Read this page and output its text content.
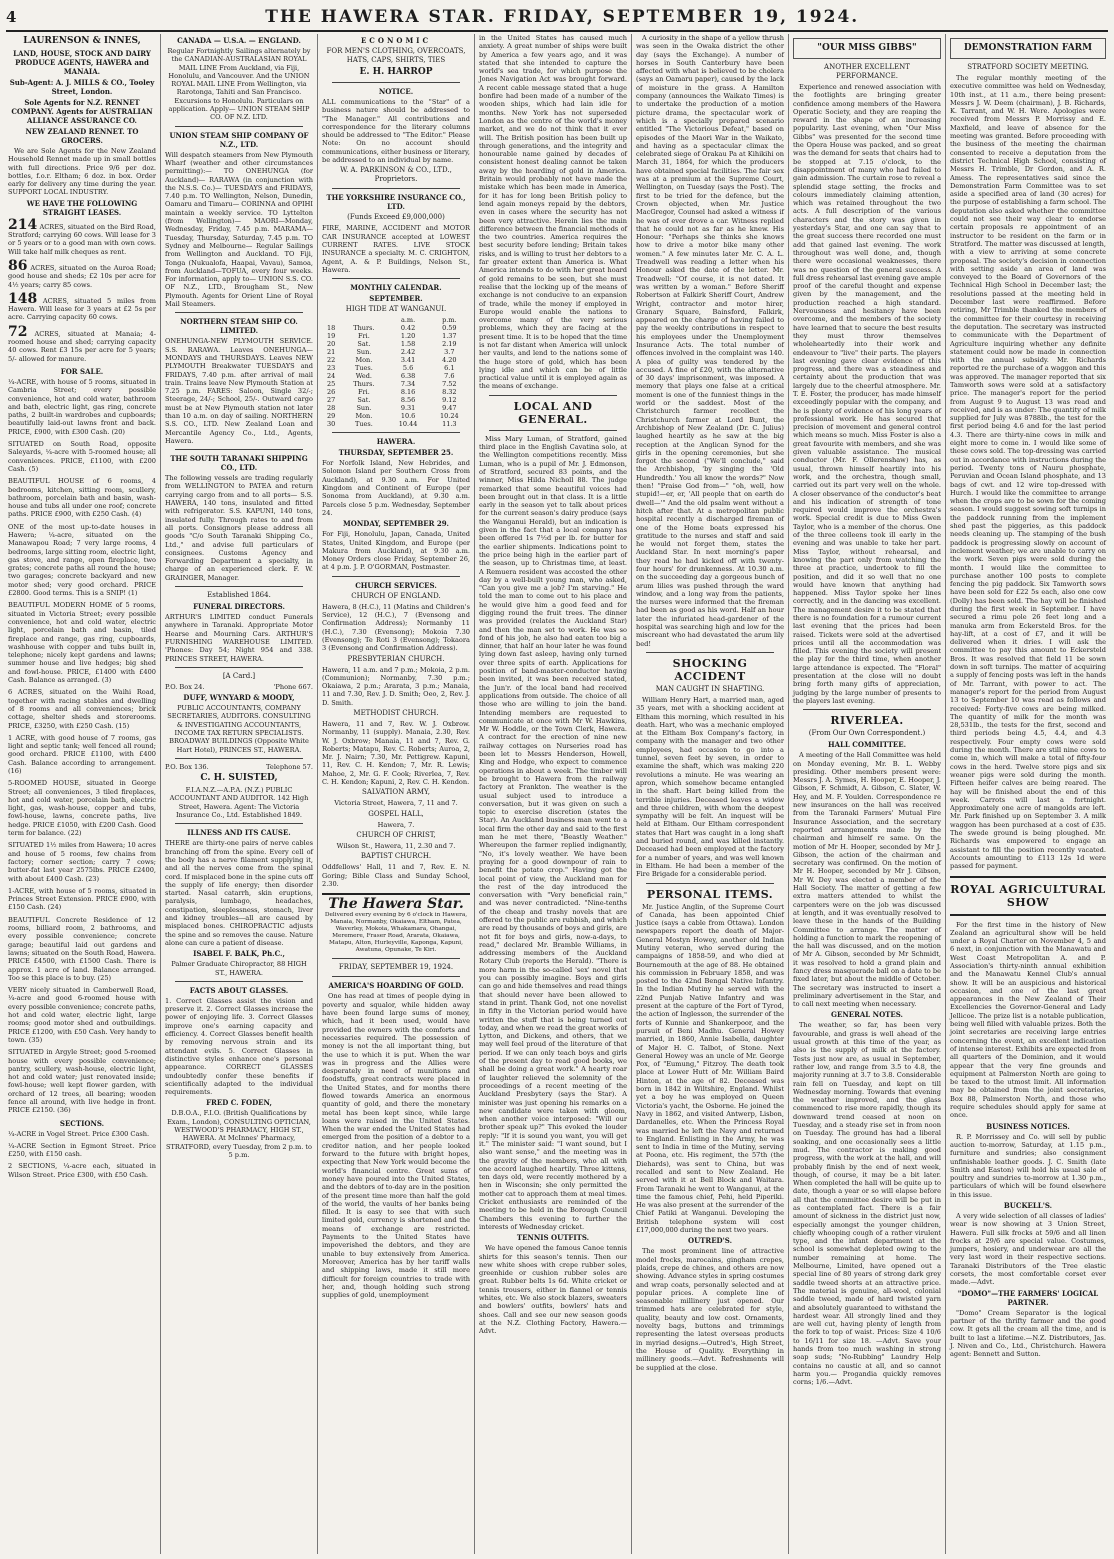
4	THE HAWERA STAR. FRIDAY, SEPTEMBER 19, 1924.
LAURENSON & INNES,
LAND, HOUSE, STOCK AND DAIRY PRODUCE AGENTS, HAWERA and MANAIA.
Sub-Agent: A. J. MILLS & CO., Tooley Street, London.
Sole Agents for N.Z. RENNET COMPANY. Agents for AUSTRALIAN ALLIANCE ASSURANCE CO.
NEW ZEALAND RENNET. TO GROCERS.

We are Sole Agents for the New Zealand Household Rennet made up in small bottles with full directions. Price 9/6 per doz. bottles, f.o.r. Eltham; 6 doz. in box. Order early for delivery any time during the year. SUPPORT LOCAL INDUSTRY.

WE HAVE THE FOLLOWING STRAIGHT LEASES.
214 ACRES, situated on the Bird Road, Stratford; carrying 60 cows. Will lease for 3 or 5 years or to a good man with own cows. Will take half milk cheques as rent.
86 ACRES, situated on the Auroa Road; good house and sheds; £2 10s per acre for 4½ years; carry 85 cows.
148 ACRES, situated 5 miles from Hawera. Will lease for 3 years at £2 5s per acre. Carrying capacity 60 cows.
72 ACRES, situated at Manaia; 4-roomed house and shed; carrying capacity 40 cows. Rent £3 15s per acre for 5 years; 5/- allowed for manure.
FOR SALE.

¼-ACRE, with house of 5 rooms, situated in Cambria Street; every possible convenience, hot and cold water, bathroom and bath, electric light, gas ring, concrete paths, 2 built-in wardrobes and cupboards; beautifully laid-out lawns front and back. PRICE, £900, with £300 Cash. (20)

SITUATED on South Road, opposite Saleyards, ¼-acre with 5-roomed house; all conveniences. PRICE, £1100, with £200 Cash. (5)

BEAUTIFUL HOUSE of 6 rooms, 4 bedrooms, kitchen, sitting room, scullery, bathroom, porcelain bath and basin, wash-house and tubs all under one roof; concrete paths. PRICE £900, with £250 Cash. (4)

ONE of the most up-to-date houses in Hawera; ¼-acre, situated on the Manawapou Road; 7 very large rooms, 4 bedrooms, large sitting room, electric light, gas stove, and range, open fireplace, two grates; concrete paths all round the house; two garages; concrete backyard and new motor shed; very good orchard. PRICE £2800. Good terms. This is a SNIP! (1)

BEAUTIFUL MODERN HOME of 5 rooms, situated in Victoria Street; every possible convenience, hot and cold water, electric light, porcelain bath and basin, tiled fireplace and range, gas ring, cupboards, washhouse with copper and tubs built in, telephone; nicely kept gardens and lawns; summer house and live hedges; big shed and fowl-house. PRICE, £1400 with £400 Cash. Balance as arranged. (3)

6 ACRES, situated on the Waihi Road, together with racing stables and dwelling of 8 rooms and all conveniences; brick cottage, shelter sheds and storerooms. PRICE, £3250, with £250 Cash. (15)

1 ACRE, with good house of 7 rooms, gas light and septic tank; well fenced all round; good orchard. PRICE £1100, with £400 Cash. Balance according to arrangement. (16)

5-ROOMED HOUSE, situated in George Street; all conveniences, 3 tiled fireplaces, hot and cold water, porcelain bath, electric light, gas, wash-house, copper and tubs, fowl-house, lawns, concrete paths, live hedge. PRICE £1050, with £200 Cash. Good term for balance. (22)

SITUATED 1½ miles from Hawera; 10 acres and house of 5 rooms, few chains from factory; corner section; carry 7 cows; butter-fat last year 2575lbs. PRICE £2400, with about £400 Cash. (23)

1-ACRE, with house of 5 rooms, situated in Princes Street Extension. PRICE £900, with £150 Cash. (24)

BEAUTIFUL Concrete Residence of 12 rooms, billiard room, 2 bathrooms, and every possible convenience; concrete garage; beautiful laid out gardens and lawns; situated on the South Road, Hawera. PRICE £4500, with £1500 Cash. There is approx. 1 acre of land. Balance arranged. Too se this place is to buy. (25)

VERY nicely situated in Camberwell Road, ¼-acre and good 6-roomed house with every possible convenience; concrete paths, hot and cold water, electric light, large rooms; good motor shed and outbuildings. PRICE £1200, with £50 Cash. Very handy to town. (35)

SITUATED in Argyle Street; good 5-roomed house with every possible convenience; pantry, scullery, wash-house, electric light, hot and cold water; just renovated inside; fowl-house; well kept flower garden, with orchard of 12 trees, all bearing; wooden fence all around, with live hedge in front. PRICE £2150. (36)

SECTIONS.

¼-ACRE in Vogel Street. Price £300 Cash.

¼-ACRE Section in Egmont Street. Price £250, with £150 cash.

2 SECTIONS, ¼-acre each, situated in Wilson Street. Price £300, with £50 Cash.

CANADA — U.S.A. — ENGLAND.

Regular Fortnightly Sailings alternately by the CANADIAN-AUSTRALASIAN ROYAL MAIL LINE From Auckland, via Fiji, Honolulu, and Vancouver. And the UNION ROYAL MAIL LINE From Wellington, via Rarotonga, Tahiti and San Francisco. Excursions to Honolulu. Particulars on application. Apply— UNION STEAM SHIP CO. OF N.Z. LTD.

UNION STEAM SHIP COMPANY OF N.Z., LTD.

Will despatch steamers from New Plymouth Wharf (weather and other circumstances permitting):— TO ONEHUNGA (for Auckland)— RARAWA (in conjunction with the N.S.S. Co.)— TUESDAYS and FRIDAYS, 7.40 p.m. TO Wellington, Nelson, Dunedin, Oamaru and Timaru— CORINNA and OPIHI maintain a weekly service. TO Lyttelton (from Wellington)— MAORI—Monday, Wednesday, Friday, 7.45 p.m. MARAMA—Tuesday, Thursday, Saturday, 7.45 p.m. TO Sydney and Melbourne— Regular Sailings from Wellington and Auckland. TO Fiji, Tonga (Nukualofa, Haapai, Vavau), Samoa, from Auckland—TOFUA, every four weeks. For information, apply to— UNION S.S. CO. OF N.Z., LTD., Brougham St., New Plymouth. Agents for Orient Line of Royal Mail Steamers.

NORTHERN STEAM SHIP CO. LIMITED.

ONEHUNGA-NEW PLYMOUTH SERVICE. S.S. RARAWA. Leaves ONEHUNGA— MONDAYS and THURSDAYS. Leaves NEW PLYMOUTH Breakwater TUESDAYS and FRIDAYS, 7.40 p.m. after arrival of mail train. Trains leave New Plymouth Station at 7.25 p.m. FARES: Saloon, Single 32/-; Steerage, 24/-; School, 25/-. Outward cargo must be at New Plymouth station not later than 10 a.m. on day of sailing. NORTHERN S.S. CO., LTD. New Zealand Loan and Mercantile Agency Co., Ltd., Agents, Hawera.

THE SOUTH TARANAKI SHIPPING CO., LTD.

The following vessels are trading regularly from WELLINGTON to PATEA and return carrying cargo from and to all ports— S.S. HAWERA, 140 tons, insulated and fitted with refrigerator. S.S. KAPUNI, 140 tons, insulated fully. Through rates to and from all ports. Consignors please address all goods "C/o South Taranaki Shipping Co., Ltd.," and advise full particulars of consignees. Customs Agency and Forwarding Department a specialty, in charge of an experienced clerk. F. W. GRAINGER, Manager.

Established 1864.
FUNERAL DIRECTORS.

ARTHUR'S LIMITED conduct Funerals anywhere in Taranaki. Appropriate Motor Hearse and Mourning Cars. ARTHUR'S FURNISHING WAREHOUSE LIMITED. 'Phones: Day 54; Night 954 and 338. PRINCES STREET, HAWERA.

[A Card.]
P.O. Box 24.	'Phone 667.
DUFF, WYNYARD & MOODY,

PUBLIC ACCOUNTANTS, COMPANY SECRETARIES, AUDITORS. CONSULTING & INVESTIGATING ACCOUNTANTS, INCOME TAX RETURN SPECIALISTS. BROADWAY BUILDINGS (Opposite White Hart Hotel), PRINCES ST., HAWERA.

P.O. Box 136.	Telephone 57.
C. H. SUISTED,

F.I.A.N.Z.—A.P.A. (N.Z.) PUBLIC ACCOUNTANT AND AUDITOR. 142 High Street, Hawera. Agent: The Victoria Insurance Co., Ltd. Established 1849.

ILLNESS AND ITS CAUSE.

THERE are thirty-one pairs of nerve cables branching off from the spine. Every cell of the body has a nerve filament supplying it, and all the nerves come from the spinal cord. If misplaced bone in the spine cuts off the supply of life energy; then disorder started. Nasal catarrh, skin eruptions, paralysis, lumbago, headaches, constipation, sleeplessness, stomach, liver and kidney troubles—all are caused by misplaced bones. CHIROPRACTIC adjusts the spine and so removes the cause. Nature alone can cure a patient of disease.

ISABEL F. BALK, Ph.C.,

Palmer Graduate Chiropractor, 88 HIGH ST., HAWERA.

FACTS ABOUT GLASSES.

1. Correct Glasses assist the vision and preserve it. 2. Correct Glasses increase the power of enjoying life. 3. Correct Glasses improve one's earning capacity and efficiency. 4. Correct Glasses benefit health by removing nervous strain and its attendant evils. 5. Correct Glasses in distinctive styles enhance one's personal appearance. CORRECT GLASSES undoubtedly confer these benefits if scientifically adapted to the individual requirements.

FRED C. FODEN,

D.B.O.A., F.I.O. (British Qualifications by Exam., London), CONSULTING OPTICIAN, WESTWOOD'S PHARMACY, HIGH ST., HAWERA. At McInnes' Pharmacy, STRATFORD, every Tuesday, from 2 p.m. to 5 p.m.

ECONOMIC
FOR MEN'S CLOTHING, OVERCOATS, HATS, CAPS, SHIRTS, TIES
E. H. HARROP
NOTICE.

ALL communications to the "Star" of a business nature should be addressed to "The Manager." All contributions and correspondence for the literary columns should be addressed to "The Editor." Please Note: On no account should communications, either business or literary, be addressed to an individual by name.

W. A. PARKINSON & CO., LTD., Proprietors.
THE YORKSHIRE INSURANCE CO., LTD.
(Funds Exceed £9,000,000)

FIRE, MARINE, ACCIDENT and MOTOR CAR INSURANCE accepted at LOWEST CURRENT RATES. LIVE STOCK INSURANCE a specialty. M. C. CRIGHTON, Agent, A. & P. Buildings, Nelson St., Hawera.

MONTHLY CALENDAR.
SEPTEMBER.
HIGH TIDE AT WANGANUI.
		a.m.	p.m.
18	Thurs.	0.42	0.59
19	Fri.	1.20	1.37
20	Sat.	1.58	2.19
21	Sun.	2.42	3.7
22	Mon.	3.41	4.20
23	Tues.	5.6	6.1
24	Wed.	6.38	7.6
25	Thurs.	7.34	7.52
26	Fri.	8.16	8.32
27	Sat.	8.56	9.12
28	Sun.	9.31	9.47
29	Mon.	10.6	10.24
30	Tues.	10.44	11.3
HAWERA.
THURSDAY, SEPTEMBER 25.

For Norfolk Island, New Hebrides, and Solomon Island per Southern Cross from Auckland), at 9.30 a.m. For United Kingdom and Continent of Europe (per Sonoma from Auckland), at 9.30 a.m. Parcels close 5 p.m. Wednesday, September 24.

MONDAY, SEPTEMBER 29.

For Fiji, Honolulu, Japan, Canada, United States, United Kingdom, and Europe (per Makura from Auckland), at 9.30 a.m. Money Orders close Friday, September 26, at 4 p.m. J. P. O'GORMAN, Postmaster.

CHURCH SERVICES.
CHURCH OF ENGLAND.

Hawera, 8 (H.C.), 11 (Matins and Children's Service), 12 (H.C.), 7 (Evensong and Confirmation Address); Normanby 11 (H.C.), 7.30 (Evensong); Mokoia 7.30 (Evensong); Te Roti 3 (Evensong); Tokaora 3 (Evensong and Confirmation Address).

PRESBYTERIAN CHURCH.

Hawera, 11 a.m. and 7 p.m.; Mokoia, 2 p.m. (Communion); Normanby, 7.30 p.m.; Okaiawa, 2 p.m.; Ararata, 3 p.m.; Manaia, 11 and 7.30, Rev. J. D. Smith; Oeo, 2, Rev. J. D. Smith.

METHODIST CHURCH.

Hawera, 11 and 7, Rev. W. J. Oxbrow. Normanby, 11 (supply). Manaia, 2.30, Rev. W. J. Oxbrow; Manaia, 11 and 7, Rev. G. Roberts; Matapu, Rev. C. Roberts; Auroa, 2, Mr. J. Nairn; 7.30, Mr. Pettigrew. Kapuni, 11, Rev. C. H. Kendon; 7, Mr. R. Lewis; Mahoe, 2, Mr. G. F. Cook; Riverlea, 7, Rev. C. H. Kendon; Kapuni, 2, Rev. C. H. Kendon.

SALVATION ARMY,

Victoria Street, Hawera, 7, 11 and 7.

GOSPEL HALL,

Hawera, 7.

CHURCH OF CHRIST,

Wilson St., Hawera, 11, 2.30 and 7.

BAPTIST CHURCH.

Oddfellows' Hall, 11 and 7, Rev. E. N. Goring; Bible Class and Sunday School, 2.30.

The Hawera Star.

Delivered every evening by 6 o'clock in Hawera, Manaia, Normanby, Okaiawa, Eltham, Patea, Waverley, Mokoia, Whakamara, Ohangai, Meremere, Fraser Road, Ararata, Okaiawa, Matapu, Alton, Hurleyville, Kaponga, Kapuni, Awatuna, Opunake, Te Kiri.

FRIDAY, SEPTEMBER 19, 1924.
AMERICA'S HOARDING OF GOLD.

One has read at times of people dying in poverty and squalor, while hidden away have been found large sums of money, which, had it been used, would have provided the owners with the comforts and necessaries required. The possession of money is not the all important thing, but the use to which it is put. When the war was in progress and the Allies were desperately in need of munitions and foodstuffs, great contracts were placed in the United States, and for months there flowed towards America an enormous quantity of gold, and there the monetary metal has been kept since, while large loans were raised in the United States. When the war ended the United States had emerged from the position of a debtor to a creditor nation, and her people looked forward to the future with bright hopes, expecting that New York would become the world's financial centre. Great sums of money have poured into the United States, and the debtors of to-day are in the position of the present time more than half the gold of the world, the vaults of her banks being filled. It is easy to see that with such limited gold, currency is shortened and the means of exchange are restricted. Payments to the United States have impoverished the debtors, and they are unable to buy extensively from America. Moreover, America has by her tariff walls and shipping laws, made it still more difficult for foreign countries to trade with her, and, though holding such strong supplies of gold, unemployment

in the United States has caused much anxiety. A great number of ships were built by America a few years ago, and it was stated that she intended to capture the world's sea trade, for which purpose the Jones Navigation Act was brought forward. A recent cable message stated that a huge bonfire had been made of a number of the wooden ships, which had lain idle for months. New York has not superseded London as the centre of the world's money market, and we do not think that it ever will. The British position has been built up through generations, and the integrity and honourable name gained by decades of consistent honest dealing cannot be taken away by the hoarding of gold in America. Britain would probably not have made the mistake which has been made in America, for it has for long been British policy to lend again moneys repaid by the debtors, even in cases where the security has not been very attractive. Herein lies the main difference between the financial methods of the two countries. America requires the best security before lending; Britain takes risks, and is willing to trust her debtors to a far greater extent than America is. What America intends to do with her great hoard of gold remains to be seen, but she must realise that the locking up of the means of exchange is not conducive to an expansion of trade, while the money if employed in Europe would enable the nations to overcome many of the very serious problems, which they are facing at the present time. It is to be hoped that the time is not far distant when America will unlock her vaults, and lend to the nations some of the huge store of gold, which has been lying idle and which can be of little practical value until it is employed again as the means of exchange.

LOCAL AND GENERAL.

Miss Mary Luman, of Stratford, gained third place in the English Cavatina solo, at the Wellington competitions recently. Miss Luman, who is a pupil of Mr. J. Edmonson, of Stratford, secured 83 points, and the winner, Miss Hilda Nicholl 88. The judge remarked that some beautiful voices had been brought out in that class. It is a little early in the season yet to talk about prices for the current season's dairy produce (says the Wanganui Herald), but an indication is given in the fact that a local company has been offered 1s 7½d per lb. for butter for the earlier shipments. Indications point to the price being high in the earlier part of the season, up to Christmas time, at least. A Remuera resident was accosted the other day by a well-built young man, who asked, "Can you give me a job? I'm starving." He told the man to come out to his place and he would give him a good feed and for digging round the fruit trees. The dinner was provided (relates the Auckland Star) and then the man set to work. He was so fond of his job, he also had eaten too big a dinner, that half an hour later he was found lying down fast asleep, having only turned over three spits of earth. Applications for position of band-master-conductor having been invited, it was been received stated, the Jun'r. of the local band had received applications from outside. The choice of all those who are willing to join the band. Intending members are requested to communicate at once with Mr W. Hawkins, Mr W. Hoddle, or the Town Clerk, Hawera. A contract for the erection of nine new railway cottages on Nurseries road has been let to Messrs Henderson, Howell, King and Hodge, who expect to commence operations in about a week. The timber will be brought to Hawera from the railway factory at Frankton. The weather is the usual subject used to introduce a conversation, but it was given on such a topic to exercise discretion (states the Star). An Auckland business man went to a local firm the other day and said to the first man he met there, "Beastly Weather." Whereupon the farmer replied indignantly, "No, it's lovely weather. We have been praying for a good downpour of rain to benefit the potato crop." Having got the local point of view, the Auckland man for the rest of the day introduced the conversation with "Very beneficial rain," and was never contradicted. "Nine-tenths of the cheap and trashy novels that are offered to the public are rubbish, and which are read by thousands of boys and girls, are not fit for boys and girls, now-a-days, to read," declared Mr. Bramble Williams, in addressing members of the Auckland Rotary Club (reports the Herald). "There is more harm in the so-called 'sex' novel that you can possibly imagine. Boys and girls can go and hide themselves and read things that should never have been allowed to stand in print. Thank God, not one novelist in fifty in the Victorian period would have written the stuff that is being turned out today, and when we read the great works of Lytton, and Dickens, and others, that we may well feel proud of the literature of that period. If we can only teach boys and girls of the present day to read good books, we shall be doing a great work." A hearty roar of laughter relieved the solemnity of the proceedings of a recent meeting of the Auckland Presbytery (says the Star). A minister was just opening his remarks on a new candidate were taken with gloom, when another voice interposed: "Will our brother speak up?" This evoked the louder reply: "If it is sound you want, you will get it." The minister said: "I want sound, but I also want sense," and the meeting was in the gravity of the members, who all with one accord laughed heartily. Three kittens, ten days old, were recently mothered by a hen in Wisconsin; she only permitted the mother cat to approach them at meal times. Cricket enthusiasts are reminded of the meeting to be held in the Borough Council Chambers this evening to further the interests of Wednesday cricket.

TENNIS OUTFITS.

We have opened the famous Canoe tennis shirts for this season's tennis. Then our new white shoes with crepe rubber soles, greenhide or cushion rubber soles are great. Rubber belts 1s 6d. White cricket or tennis trousers, either in flannel or tennis whites, etc. We also stock blazers, sweaters and bowlers' outfits, bowlers' hats and shoes. Call and see our new season goods at the N.Z. Clothing Factory, Hawera.—Advt.

A curiosity in the shape of a yellow thrush was seen in the Owaka district the other day (says the Exchange). A number of horses in South Canterbury have been affected with what is believed to be cholera (says an Oamaru paper), caused by the lack of moisture in the grass. A Hamilton company (announces the Waikato Times) is to undertake the production of a motion picture drama, the spectacular work of which is a specially prepared scenario entitled "The Victorious Defeat," based on episodes of the Maori War in the Waikato, and having as a spectacular climax the celebrated siege of Orakau Pa at Kihikihi on March 31, 1864, for which the producers have obtained special facilities. The fair sex was at a premium at the Supreme Court, Wellington, on Tuesday (says the Post). The first to be tried for the defence, but the Crown objected, when Mr. Justice MacGregor, Counsel had asked a witness if he was of ever drove a car. Witness replied that he could not as far as he knew. His Honour: "Perhaps she thinks she knows how to drive a motor bike many other women." A few minutes later Mr. C. A. L. Treadwell was reading a letter when his Honour asked the date of the letter. Mr. Treadwell: "Of course, it is not dated. It was written by a woman." Before Sheriff Robertson at Falkirk Sheriff Court, Andrew Wright, contractor and motor hirer, Granary Square, Bainsford, Falkirk, appeared on the charge of having failed to pay the weekly contributions in respect to his employees under the Unemployment Insurance Acts. The total number of offences involved in the complaint was 140. A plea of guilty was tendered by the accused. A fine of £20, with the alternative of 30 days' imprisonment, was imposed. A memory that plays one false at a critical moment is one of the funniest things in the world or the saddest. Most of the Christchurch farmer recollect the Christchurch farmer at Lord Bunt, the Archbishop of New Zealand (Dr. C. Julius) laughed heartily as he saw at the big reception at the Anglican Synod for the girls in the opening ceremonies, but she forgot the second ("We'll conclude," said the Archbishop, 'by singing the 'Old Hundredth.' You all know the words?" Now then! "Praise God from—" "oh, well, how stupid!—er, er, 'All people that on earth do dwell—'" And the old psalm went without a hitch after that. At a metropolitan public hospital recently a discharged fireman of one of the Home boats expressed his gratitude to the nurses and staff and said he would not forget them, states the Auckland Star. In next morning's paper they read he had kicked off with twenty-four hours' for drunkenness. At 10.30 a.m. on the succeeding day a gorgeous bunch of arum lilies was pushed through the ward window, and a long way from the patients, the nurses were informed that the fireman had been as good as his word. Half an hour later the infuriated head-gardener of the hospital was searching high and low for the miscreant who had devastated the arum lily bed!

SHOCKING ACCIDENT
MAN CAUGHT IN SHAFTING.

William Henry Hart, a married man, aged 35 years, met with a shocking accident at Eltham this morning, which resulted in his death. Hart, who was a mechanic employed at the Eltham Box Company's factory, in company with the manager and two other employees, had occasion to go into a tunnel, seven feet by seven, in order to examine the shaft, which was making 220 revolutions a minute. He was wearing an apron, which somehow became entangled in the shaft. Hart being killed from the terrible injuries. Deceased leaves a widow and three children, with whom the deepest sympathy will be felt. An inquest will be held at Eltham. Our Eltham correspondent states that Hart was caught in a long shaft and buried round, and was killed instantly. Deceased had been employed at the factory for a number of years, and was well known in Eltham. He had been a member of the Fire Brigade for a considerable period.

PERSONAL ITEMS.

Mr. Justice Anglin, of the Supreme Court of Canada, has been appointed Chief Justice (says a cable from Ottawa). London newspapers report the death of Major-General Mostyn Howey, another old Indian Mutiny veteran, who served during the campaigns of 1858-59, and who died at Bournemouth at the age of 88. He obtained his commission in February 1858, and was posted to the 42nd Bengal Native Infantry. In the Indian Mutiny he served with the 22nd Punjab Native Infantry and was present at the capture of the Fort of Tyrod, the action of Inglesson, the surrender of the forts of Kunnie and Shankerpoor, and the pursuit of Beni Madhu. General Howey married, in 1860, Annie Isabella, daughter of Major H. C. Talbot, of Stone. Next General Howey was an uncle of Mr. George Pox, of "Eumung," Fitzroy. The death took place at Lower Hutt of Mr. William Baird Hinton, at the age of 82. Deceased was born in 1842 in Wiltshire, England. Whilst yet a boy he was employed on Queen Victoria's yacht, the Osborne. He joined the Navy in 1862, and visited Antwerp, Lisbon, Dardanelles, etc. When the Princess Royal was married he left the Navy and returned to England. Enlisting in the Army, he was sent to India in time of the Mutiny, serving at Poona, etc. His regiment, the 57th (the Diehards), was sent to China, but was recalled and sent to New Zealand. He served with it at Bell Block and Waitara. From Taranaki he went to Wanganui, at the time the famous chief, Pehi, held Piperiki. He was also present at the surrender of the Chief Patiki at Wanganui. Developing the British telephone system will cost £17,000,000 during the next two years.

OUTRED'S.

The most prominent line of attractive model frocks, marocains, gingham crepes, plaids, crepe de chines, and others are now showing. Advance styles in spring costumes and wrap coats, personally selected and at popular prices. A complete line of seasonable millinery just opened. Our trimmed hats are celebrated for style, quality, beauty and low cost. Ornaments, novelty bags, buttons and trimmings representing the latest overseas products in myriad designs.—Outred's, High Street, the House of Quality. Everything in millinery goods.—Advt. Refreshments will be supplied at the close.

"OUR MISS GIBBS"
ANOTHER EXCELLENT PERFORMANCE.

Experience and renewed association with the footlights are bringing greater confidence among members of the Hawera Operatic Society, and they are reaping the reward in the shape of an increasing popularity. Last evening, when "Our Miss Gibbs" was presented for the second time the Opera House was packed, and so great was the demand for seats that chairs had to be stopped at 7.15 o'clock, to the disappointment of many who had failed to gain admission. The curtain rose to reveal a splendid stage setting, the frocks and colours immediately claiming attention, which was retained throughout the two acts. A full description of the various characters and the story was given in yesterday's Star, and one can say that to the great success there recorded one must add that gained last evening. The work throughout was well done, and, though there were occasional weaknesses, there was no question of the general success. A full dress rehearsal last evening gave ample proof of the careful thought and expense given by the management, and the production reached a high standard. Nervousness and hesitancy have been overcome, and the members of the society have learned that to secure the best results they must throw themselves wholeheartedly into their work and endeavour to "live" their parts. The players last evening gave clear evidence of this progress, and there was a steadiness and certainty about the production that was largely due to the cheerful atmosphere. Mr. T. E. Foster, the producer, has made himself exceedingly popular with the company, and he is plenty of evidence of his long years of professional work. He has secured that precision of movement and general control which means so much. Miss Foster is also a great favourite with members, and she was given valuable assistance. The musical conductor (Mr. F. Ollerenshaw) has, as usual, thrown himself heartily into his work, and the orchestra, though small, carried out its part very well on the whole. A closer observance of the conductor's beat and his indication of strength of tone required would improve the orchestra's work. Special credit is due to Miss Gwen Taylor, who is a member of the chorus. One of the three colleens took ill early in the evening and was unable to take her part. Miss Taylor, without rehearsal, and knowing the part only from watching the three at practice, undertook to fill the position, and did it so well that no one would have known that anything had happened. Miss Taylor spoke her lines correctly, and in the dancing was excellent. The management desire it to be stated that there is no foundation for a rumour current last evening that the prices had been raised. Tickets were sold at the advertised prices until all the accommodation was filled. This evening the society will present the play for the third time, when another large attendance is expected. The "Floral" presentation at the close will no doubt bring forth many gifts of appreciation, judging by the large number of presents to the players last evening.

RIVERLEA.
(From Our Own Correspondent.)
HALL COMMITTEE.

A meeting of the Hall Committee was held on Monday evening, Mr. B. L. Webby presiding. Other members present were: Messrs J. A. Symes, H. Hooper, E. Hooper, J. Gibson, F. Schmidt, A. Gibson, C. Slater, W. Hey, and M. F. Youlden. Correspondence re new insurances on the hall was received from the Taranaki Farmers' Mutual Fire Insurance Association, and the secretary reported arrangements made by the chairman and himself re same. On the motion of Mr H. Hooper, seconded by Mr J. Gibson, the action of the chairman and secretary was confirmed. On the motion of Mr H. Hooper, seconded by Mr J. Gibson, Mr W. Dey was elected a member of the Hall Society. The matter of getting a few extra matters attended to whilst the carpenters were on the job was discussed at length, and it was eventually resolved to leave these in the hands of the Building Committee to arrange. The matter of holding a function to mark the reopening of the hall was discussed, and on the motion of Mr A. Gibson, seconded by Mr Schmidt, it was resolved to hold a grand plain and fancy dress masquerade ball on a date to be fixed later, but about the middle of October. The secretary was instructed to insert a preliminary advertisement in the Star, and to call next meeting when necessary.

GENERAL NOTES.

The weather, so far, has been very favourable, and grass is well ahead of the usual growth at this time of the year, as also is the supply of milk at the factory. Tests just now are, as usual in September, rather low, and range from 3.5 to 4.8, the majority running at 3.7 to 3.8. Considerable rain fell on Tuesday, and kept on till Wednesday morning. Towards that evening the weather improved, and the glass commenced to rise more rapidly, though its downward trend ceased at noon on Tuesday, and a steady rise set in from noon on Tuesday. The ground has had a liberal soaking, and one occasionally sees a little mud. The contractor is making good progress, with the work at the hall, and will probably finish by the end of next week, though, of course, it may be a bit later. When completed the hall will be quite up to date, though a year or so will elapse before all that the committee desire will be put in as contemplated fact. There is a fair amount of sickness in the district just now, especially amongst the younger children, chiefly whooping cough of a rather virulent type, and the infant department at the school is somewhat depleted owing to the number remaining at home. The Melbourne, Limited, have opened out a special line of 80 years of strong dark grey saddle tweed shorts at an attractive price. The material is genuine, all-wool, colonial saddle tweed, made of hard twisted yarn and absolutely guaranteed to withstand the hardest wear. All strongly lined and they are well cut, having plenty of length from the fork to top of waist. Prices: Size 4 10/6 to 16/11 for size 18. —Advt. Save your hands from too much washing in strong soap suds; "No-Rubbing" Laundry Help contains no caustic at all, and so cannot harm you.— Progandia quickly removes corns; 1/6.—Advt.

DEMONSTRATION FARM
STRATFORD SOCIETY MEETING.

The regular monthly meeting of the executive committee was held on Wednesday, 10th inst., at 11 a.m., there being present: Messrs J. W. Deem (chairman), J. B. Richards, K. Tarrant, and W. H. Were. Apologies were received from Messrs P. Morrissy and E. Maxfield, and leave of absence for the meeting was granted. Before proceeding with the business of the meeting the chairman consented to receive a deputation from the district Technical High School, consisting of Messrs H. Trimble, Dr Gordon, and A. R. Amess. The representatives said since the Demonstration Farm Committee was to set aside a specified area of land (30 acres) for the purpose of establishing a farm school. The deputation also asked whether the committee could not see their way clear to endorse certain proposals re appointment of an instructor to be resident on the farm or in Stratford. The matter was discussed at length, with a view to arriving at some concrete proposal. The society's decision in connection with setting aside an area of land was conveyed to the Board of Governors of the Technical High School in December last; the resolutions passed at the meeting held in December last were reaffirmed. Before retiring, Mr Trimble thanked the members of the committee for their courtesy in receiving the deputation. The secretary was instructed to communicate with the Department of Agriculture inquiring whether any definite statement could now be made in connection with the annual subsidy. Mr. Richards reported re the purchase of a waggon and this was approved. The manager reported that six Tamworth sows were sold at a satisfactory price. The manager's report for the period from August 9 to August 13 was read and received, and is as under: The quantity of milk supplied for July was 8788lb., the test for the first period being 4.6 and for the last period 4.3. There are thirty-nine cows in milk and eight more to come in. I would like some of these cows sold. The top-dressing was carried out in accordance with instructions during the period. Twenty tons of Nauru phosphate, Peruvian and Ocean Island phosphate, and 13 bags of cwt. and 12 wire top-dressed with Hurch. I would like the committee to arrange when the crops are to be sown for the coming season. I would suggest sowing soft turnips in the paddock running from the implement shed past the piggeries, as this paddock needs cleaning up. The stamping of the bush paddock is progressing slowly on account of inclement weather; we are unable to carry on the work. Seven pigs were sold during the month. I would like the committee to purchase another 100 posts to complete fencing the pig paddock. Six Tamworth sows have been sold for £22 5s each, also one cow (Dolly) has been sold. The hay will be finished during the first week in September. I have secured a rimu pole 26 feet long and a manuka arm from Eckersteld Bros. for the hay-lift, at a cost of £7, and it will be delivered when it dries. I will ask the committee to pay this amount to Eckersteld Bros. It was resolved that field 11 be sown down in soft turnips. The matter of acquiring a supply of fencing posts was left in the hands of Mr. Tarrant, with power to act. The manager's report for the period from August 13 to September 10 was read as follows and received: Forty-five cows are being milked. The quantity of milk for the month was 28,531lb., the tests for the first, second and third periods being 4.5, 4.4, and 4.3 respectively. Four empty cows were sold during the month. There are still nine cows to come in, which will make a total of fifty-four cows in the herd. Twelve store pigs and six weaner pigs were sold during the month. Fifteen heifer calves are being reared. The hay will be finished about the end of this week. Carrots will last a fortnight. Approximately one acre of mangolds are left. Mr. Park finished up on September 3. A milk waggon has been purchased at a cost of £35. The swede ground is being ploughed. Mr. Richards was empowered to engage an assistant to fill the position recently vacated. Accounts amounting to £113 12s 1d were passed for payment.

ROYAL AGRICULTURAL SHOW

For the first time in the history of New Zealand an agricultural show will be held under a Royal Charter on November 4, 5 and 6 next, in conjunction with the Manawatu and West Coast Metropolitan A. and P. Association's thirty-ninth annual exhibition and the Manawatu Kennel Club's annual show. It will be an auspicious and historical occasion, and one of the last great appearances in the New Zealand of Their Excellencies the Governor-General and Lady Jellicoe. The prize list is a notable publication, being well filled with valuable prizes. Both the joint secretaries are receiving large entries concerning the event, an excellent indication of intense interest. Exhibits are expected from all quarters of the Dominion, and it would appear that the very fine grounds and equipment at Palmerston North are going to be taxed to the utmost limit. All information may be obtained from the joint secretaries, Box 88, Palmerston North, and those who require schedules should apply for same at once.

BUSINESS NOTICES.

R. P. Morrissey and Co. will sell by public auction to-morrow, Saturday, at 1.15 p.m., furniture and sundries; also consignment unfinishable leather goods. J. C. Smith (late Smith and Easton) will hold his usual sale of poultry and sundries to-morrow at 1.30 p.m., particulars of which will be found elsewhere in this issue.

BUCKELL'S.

A very wide selection of all classes of ladies' wear is now showing at 3 Union Street, Hawera. Full silk frocks at 59/6 and all linen frocks at 29/6 are special value. Costumes, jumpers, hosiery, and underwear are all the very last word in their respective sections. Taranaki Distributors of the Tree elastic corsets, the most comfortable corset ever made.—Advt.

"DOMO"—THE FARMERS' LOGICAL PARTNER.

"Domo" Cream Separator is the logical partner of the thrifty farmer and the good cow. It gets all the cream all the time, and is built to last a lifetime.—N.Z. Distributors, Jas. J. Niven and Co., Ltd., Christchurch. Hawera agent: Bennett and Sutton.
